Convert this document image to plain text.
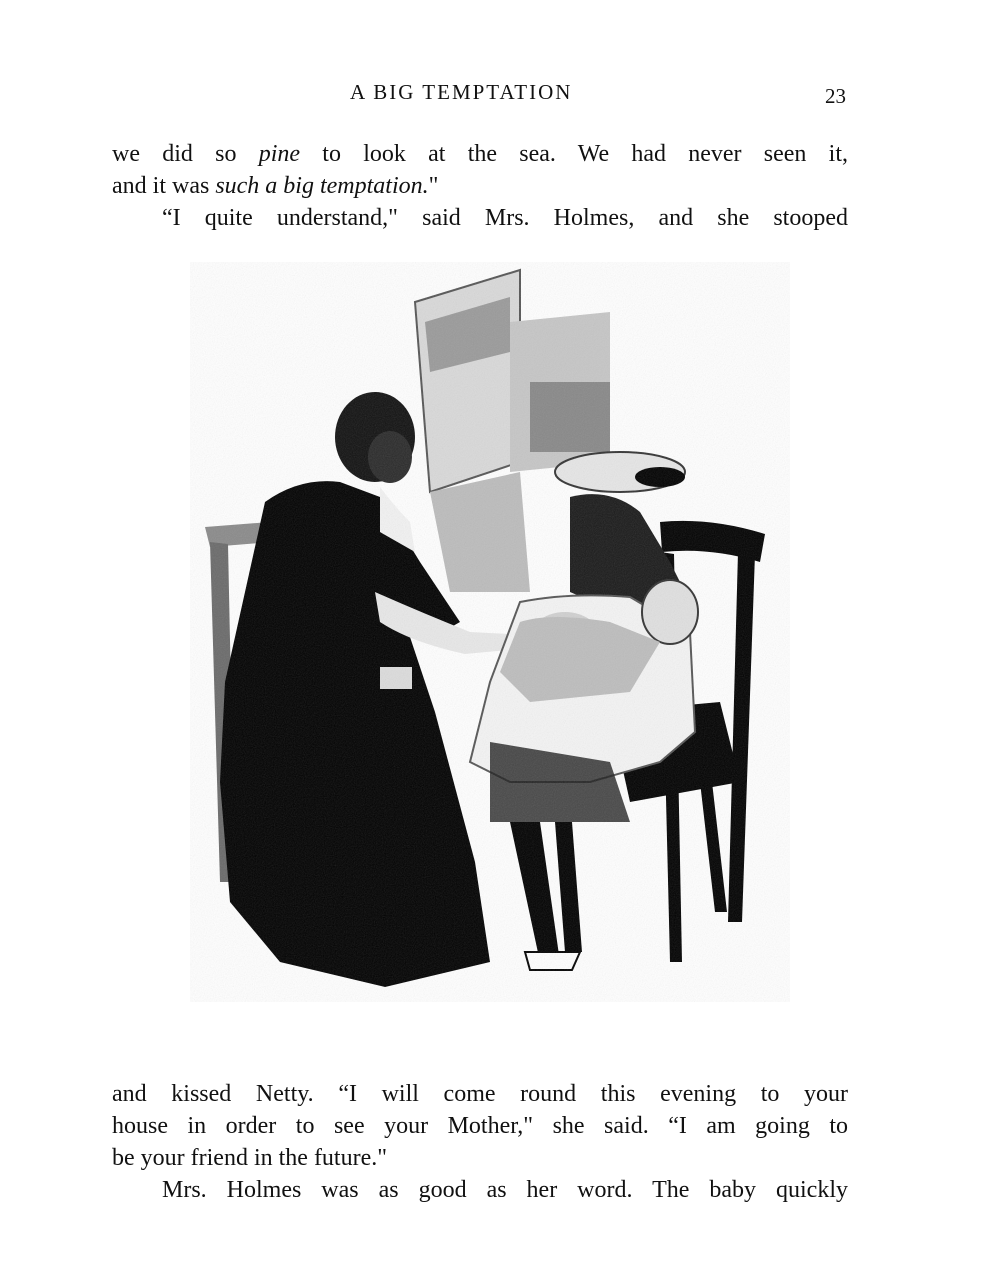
A BIG TEMPTATION	23
we did so pine to look at the sea. We had never seen it,
and it was such a big temptation."
“I quite understand," said Mrs. Holmes, and she stooped
and kissed Netty. “I will come round this evening to your
house in order to see your Mother," she said. “I am going to
be your friend in the future."
Mrs. Holmes was as good as her word. The baby quickly
